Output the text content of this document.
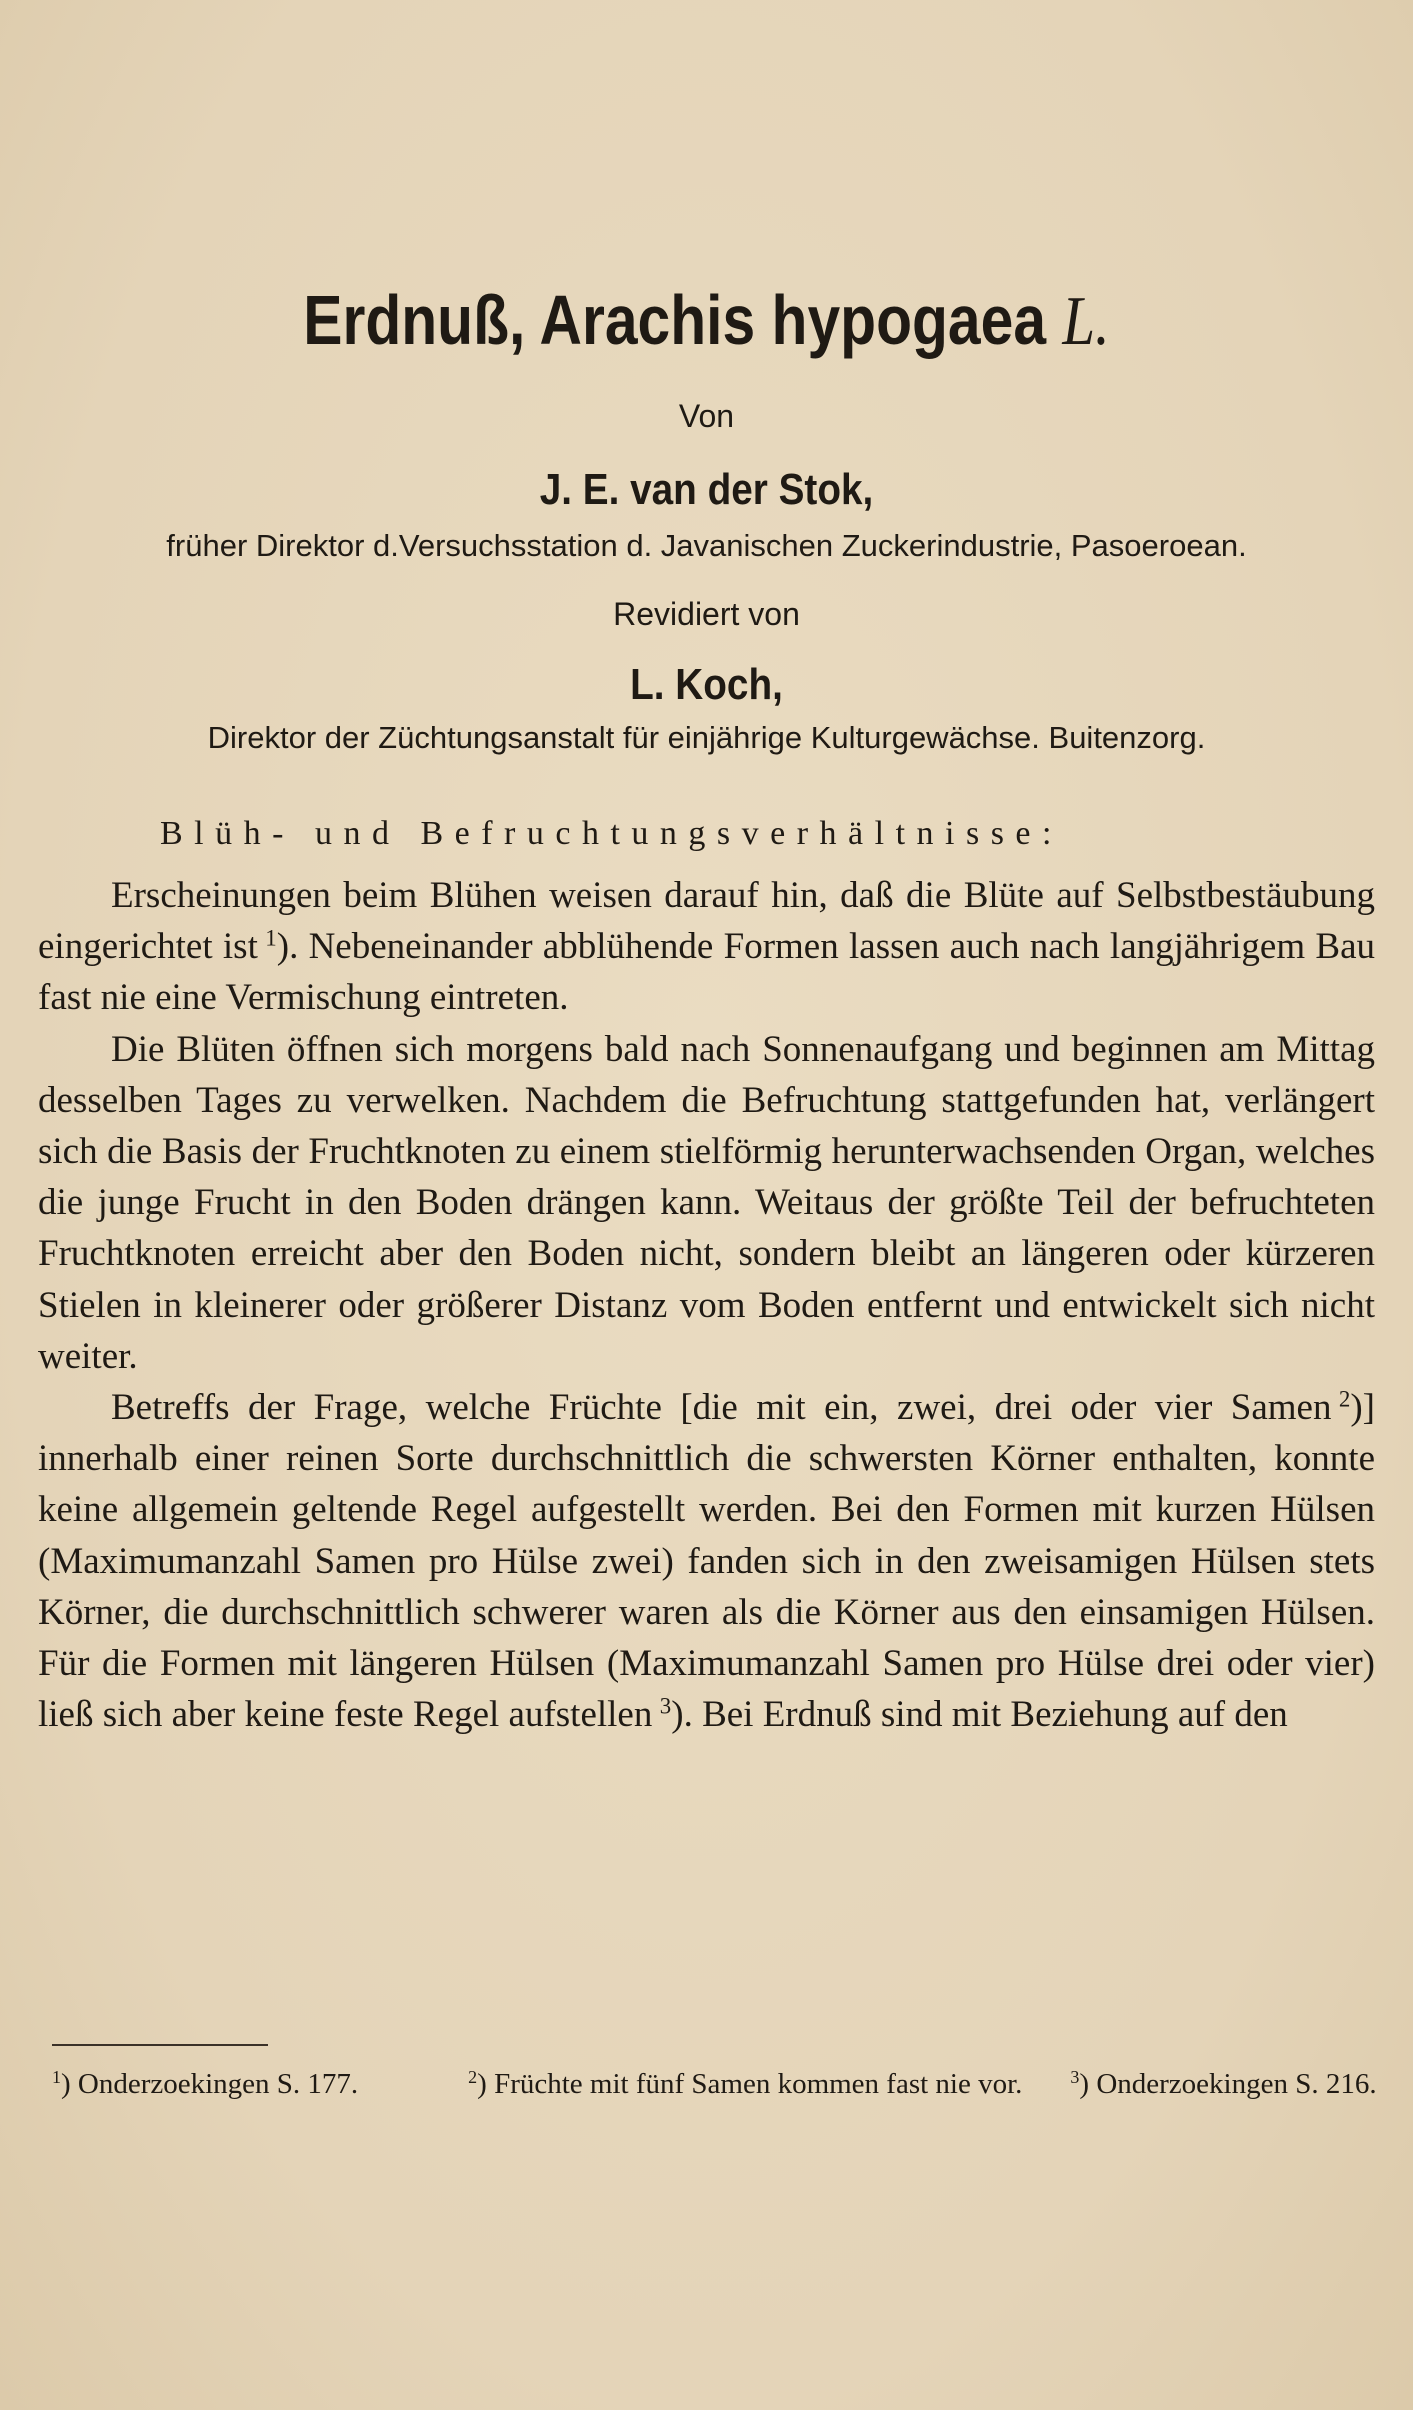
Erdnuß, Arachis hypogaea L.
Von
J. E. van der Stok,
früher Direktor d.Versuchsstation d. Javanischen Zuckerindustrie, Pasoeroean.
Revidiert von
L. Koch,
Direktor der Züchtungsanstalt für einjährige Kulturgewächse. Buitenzorg.
Blüh- und Befruchtungsverhältnisse:

Erscheinungen beim Blühen weisen darauf hin, daß die Blüte auf Selbstbestäubung eingerichtet ist  $^1$). Nebeneinander abblühende Formen lassen auch nach langjährigem Bau fast nie eine Vermischung eintreten.

Die Blüten öffnen sich morgens bald nach Sonnenaufgang und beginnen am Mittag desselben Tages zu verwelken. Nachdem die Befruchtung stattgefunden hat, verlängert sich die Basis der Fruchtknoten zu einem stielförmig herunterwachsenden Organ, welches die junge Frucht in den Boden drängen kann. Weitaus der größte Teil der befruchteten Fruchtknoten erreicht aber den Boden nicht, sondern bleibt an längeren oder kürzeren Stielen in kleinerer oder größerer Distanz vom Boden entfernt und entwickelt sich nicht weiter.

Betreffs der Frage, welche Früchte [die mit ein, zwei, drei oder vier Samen  $^2$)] innerhalb einer reinen Sorte durchschnittlich die schwersten Körner enthalten, konnte keine allgemein geltende Regel aufgestellt werden. Bei den Formen mit kurzen Hülsen (Maximumanzahl Samen pro Hülse zwei) fanden sich in den zweisamigen Hülsen stets Körner, die durchschnittlich schwerer waren als die Körner aus den einsamigen Hülsen. Für die Formen mit längeren Hülsen (Maximumanzahl Samen pro Hülse drei oder vier) ließ sich aber keine feste Regel aufstellen  $^3$). Bei Erdnuß sind mit Beziehung auf den

$^1$) Onderzoekingen S. 177.	$^2$) Früchte mit fünf Samen kommen fast nie vor.	$^3$) Onderzoekingen S. 216.
